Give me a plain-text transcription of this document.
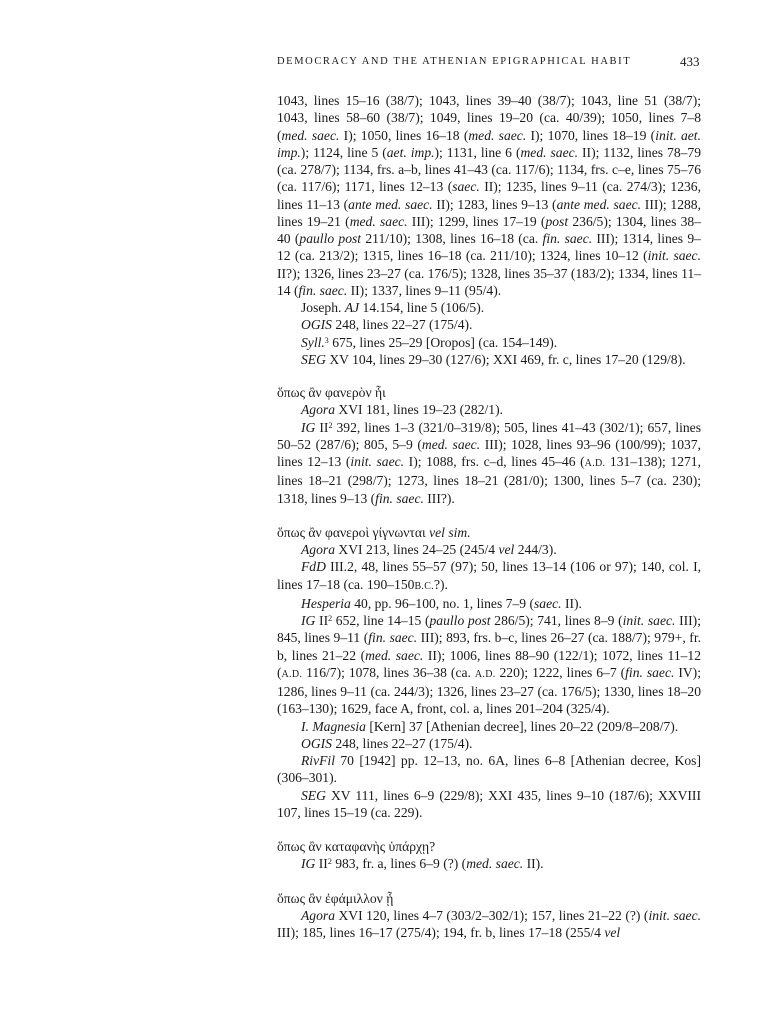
DEMOCRACY AND THE ATHENIAN EPIGRAPHICAL HABIT	433

1043, lines 15–16 (38/7); 1043, lines 39–40 (38/7); 1043, line 51 (38/7); 1043, lines 58–60 (38/7); 1049, lines 19–20 (ca. 40/39); 1050, lines 7–8 (med. saec. I); 1050, lines 16–18 (med. saec. I); 1070, lines 18–19 (init. aet. imp.); 1124, line 5 (aet. imp.); 1131, line 6 (med. saec. II); 1132, lines 78–79 (ca. 278/7); 1134, frs. a–b, lines 41–43 (ca. 117/6); 1134, frs. c–e, lines 75–76 (ca. 117/6); 1171, lines 12–13 (saec. II); 1235, lines 9–11 (ca. 274/3); 1236, lines 11–13 (ante med. saec. II); 1283, lines 9–13 (ante med. saec. III); 1288, lines 19–21 (med. saec. III); 1299, lines 17–19 (post 236/5); 1304, lines 38–40 (paullo post 211/10); 1308, lines 16–18 (ca. fin. saec. III); 1314, lines 9–12 (ca. 213/2); 1315, lines 16–18 (ca. 211/10); 1324, lines 10–12 (init. saec. II?); 1326, lines 23–27 (ca. 176/5); 1328, lines 35–37 (183/2); 1334, lines 11–14 (fin. saec. II); 1337, lines 9–11 (95/4).

Joseph. AJ 14.154, line 5 (106/5).

OGIS 248, lines 22–27 (175/4).

Syll.$^3$ 675, lines 25–29 [Oropos] (ca. 154–149).

SEG XV 104, lines 29–30 (127/6); XXI 469, fr. c, lines 17–20 (129/8).

ὅπως ἂν φανερὸν ἧι

Agora XVI 181, lines 19–23 (282/1).

IG $II^2$ 392, lines 1–3 (321/0–319/8); 505, lines 41–43 (302/1); 657, lines 50–52 (287/6); 805, 5–9 (med. saec. III); 1028, lines 93–96 (100/99); 1037, lines 12–13 (init. saec. I); 1088, frs. c–d, lines 45–46 (A.D. 131–138); 1271, lines 18–21 (298/7); 1273, lines 18–21 (281/0); 1300, lines 5–7 (ca. 230); 1318, lines 9–13 (fin. saec. III?).

ὅπως ἂν φανεροὶ γίγνωνται vel sim.

Agora XVI 213, lines 24–25 (245/4 vel 244/3).

FdD III.2, 48, lines 55–57 (97); 50, lines 13–14 (106 or 97); 140, col. I, lines 17–18 (ca. 190–150B.C.?).

Hesperia 40, pp. 96–100, no. 1, lines 7–9 (saec. II).

IG $II^2$ 652, line 14–15 (paullo post 286/5); 741, lines 8–9 (init. saec. III); 845, lines 9–11 (fin. saec. III); 893, frs. b–c, lines 26–27 (ca. 188/7); 979+, fr. b, lines 21–22 (med. saec. II); 1006, lines 88–90 (122/1); 1072, lines 11–12 (A.D. 116/7); 1078, lines 36–38 (ca. A.D. 220); 1222, lines 6–7 (fin. saec. IV); 1286, lines 9–11 (ca. 244/3); 1326, lines 23–27 (ca. 176/5); 1330, lines 18–20 (163–130); 1629, face A, front, col. a, lines 201–204 (325/4).

I. Magnesia [Kern] 37 [Athenian decree], lines 20–22 (209/8–208/7).

OGIS 248, lines 22–27 (175/4).

RivFil 70 [1942] pp. 12–13, no. 6A, lines 6–8 [Athenian decree, Kos] (306–301).

SEG XV 111, lines 6–9 (229/8); XXI 435, lines 9–10 (187/6); XXVIII 107, lines 15–19 (ca. 229).

ὅπως ἂν καταφανὴς ὑπάρχῃ?

IG $II^2$ 983, fr. a, lines 6–9 (?) (med. saec. II).

ὅπως ἂν ἐφάμιλλον ᾖ

Agora XVI 120, lines 4–7 (303/2–302/1); 157, lines 21–22 (?) (init. saec. III); 185, lines 16–17 (275/4); 194, fr. b, lines 17–18 (255/4 vel
